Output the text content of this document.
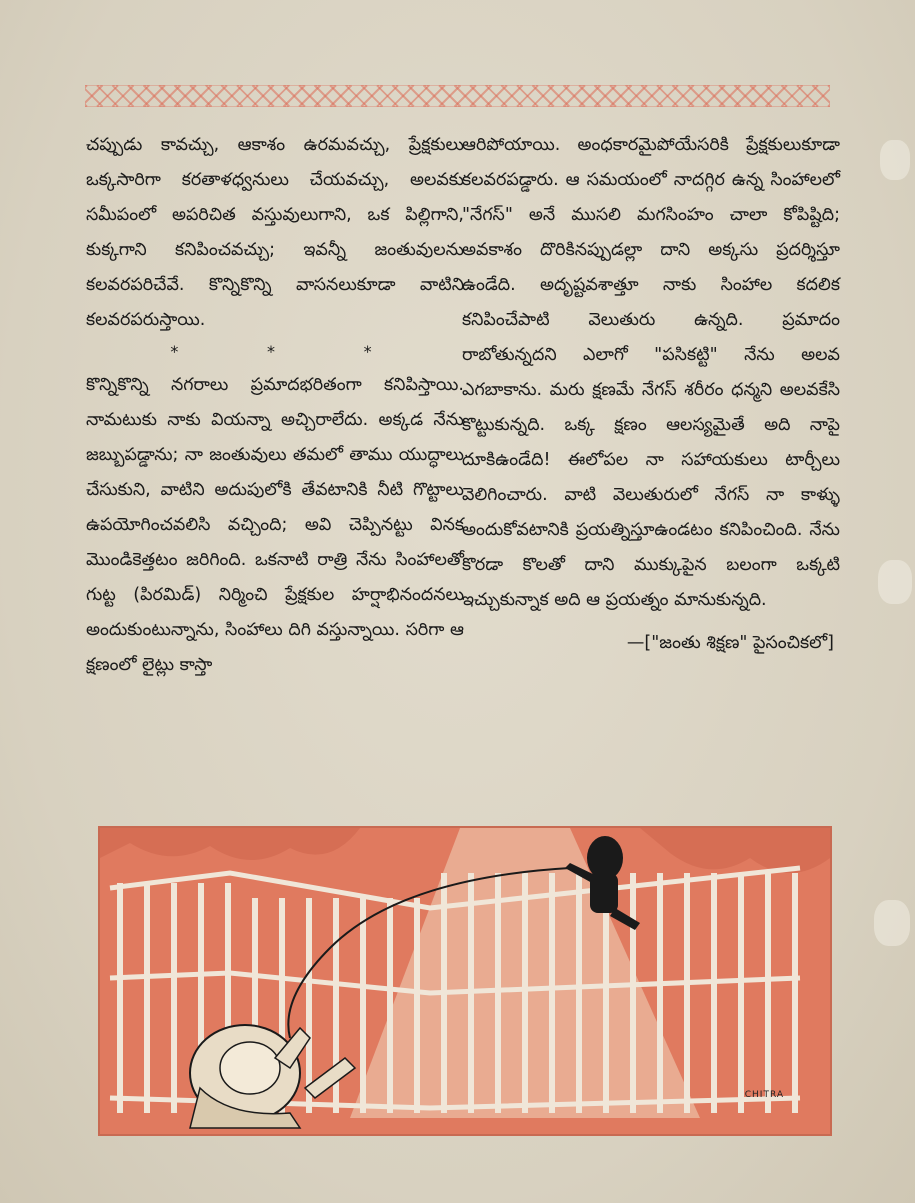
చప్పుడు కావచ్చు, ఆకాశం ఉరమవచ్చు, ప్రేక్షకులు ఒక్కసారిగా కరతాళధ్వనులు చేయవచ్చు, అలవకు సమీపంలో అపరిచిత వస్తువులుగాని, ఒక పిల్లిగాని, కుక్కగాని కనిపించవచ్చు; ఇవన్నీ జంతువులను కలవరపరిచేవే. కొన్నికొన్ని వాసనలుకూడా వాటిని కలవరపరుస్తాయి.

*	*	*

కొన్నికొన్ని నగరాలు ప్రమాదభరితంగా కనిపిస్తాయి. నామటుకు నాకు వియన్నా అచ్చిరాలేదు. అక్కడ నేను జబ్బుపడ్డాను; నా జంతువులు తమలో తాము యుద్ధాలు చేసుకుని, వాటిని అదుపులోకి తేవటానికి నీటి గొట్టాలు ఉపయోగించవలిసి వచ్చింది; అవి చెప్పినట్టు వినక మొండికెత్తటం జరిగింది. ఒకనాటి రాత్రి నేను సింహాలతో గుట్ట (పిరమిడ్) నిర్మించి ప్రేక్షకుల హర్షాభినందనలు అందుకుంటున్నాను, సింహాలు దిగి వస్తున్నాయి. సరిగా ఆ క్షణంలో లైట్లు కాస్తా

ఆరిపోయాయి. అంధకారమైపోయేసరికి ప్రేక్షకులుకూడా కలవరపడ్డారు. ఆ సమయంలో నాదగ్గిర ఉన్న సింహాలలో "నేగస్" అనే ముసలి మగసింహం చాలా కోపిష్టిది; అవకాశం దొరికినప్పుడల్లా దాని అక్కసు ప్రదర్శిస్తూ ఉండేది. అదృష్టవశాత్తూ నాకు సింహాల కదలిక కనిపించేపాటి వెలుతురు ఉన్నది. ప్రమాదం రాబోతున్నదని ఎలాగో "పసికట్టి" నేను అలవ ఎగబాకాను. మరు క్షణమే నేగస్ శరీరం ధన్మని అలవకేసి కొట్టుకున్నది. ఒక్క క్షణం ఆలస్యమైతే అది నాపై దూకిఉండేది! ఈలోపల నా సహాయకులు టార్చీలు వెలిగించారు. వాటి వెలుతురులో నేగస్ నా కాళ్ళు అందుకోవటానికి ప్రయత్నిస్తూఉండటం కనిపించింది. నేను కొరడా కొలతో దాని ముక్కుపైన బలంగా ఒక్కటి ఇచ్చుకున్నాక అది ఆ ప్రయత్నం మానుకున్నది.

—["జంతు శిక్షణ" పైసంచికలో]
CHITRA
